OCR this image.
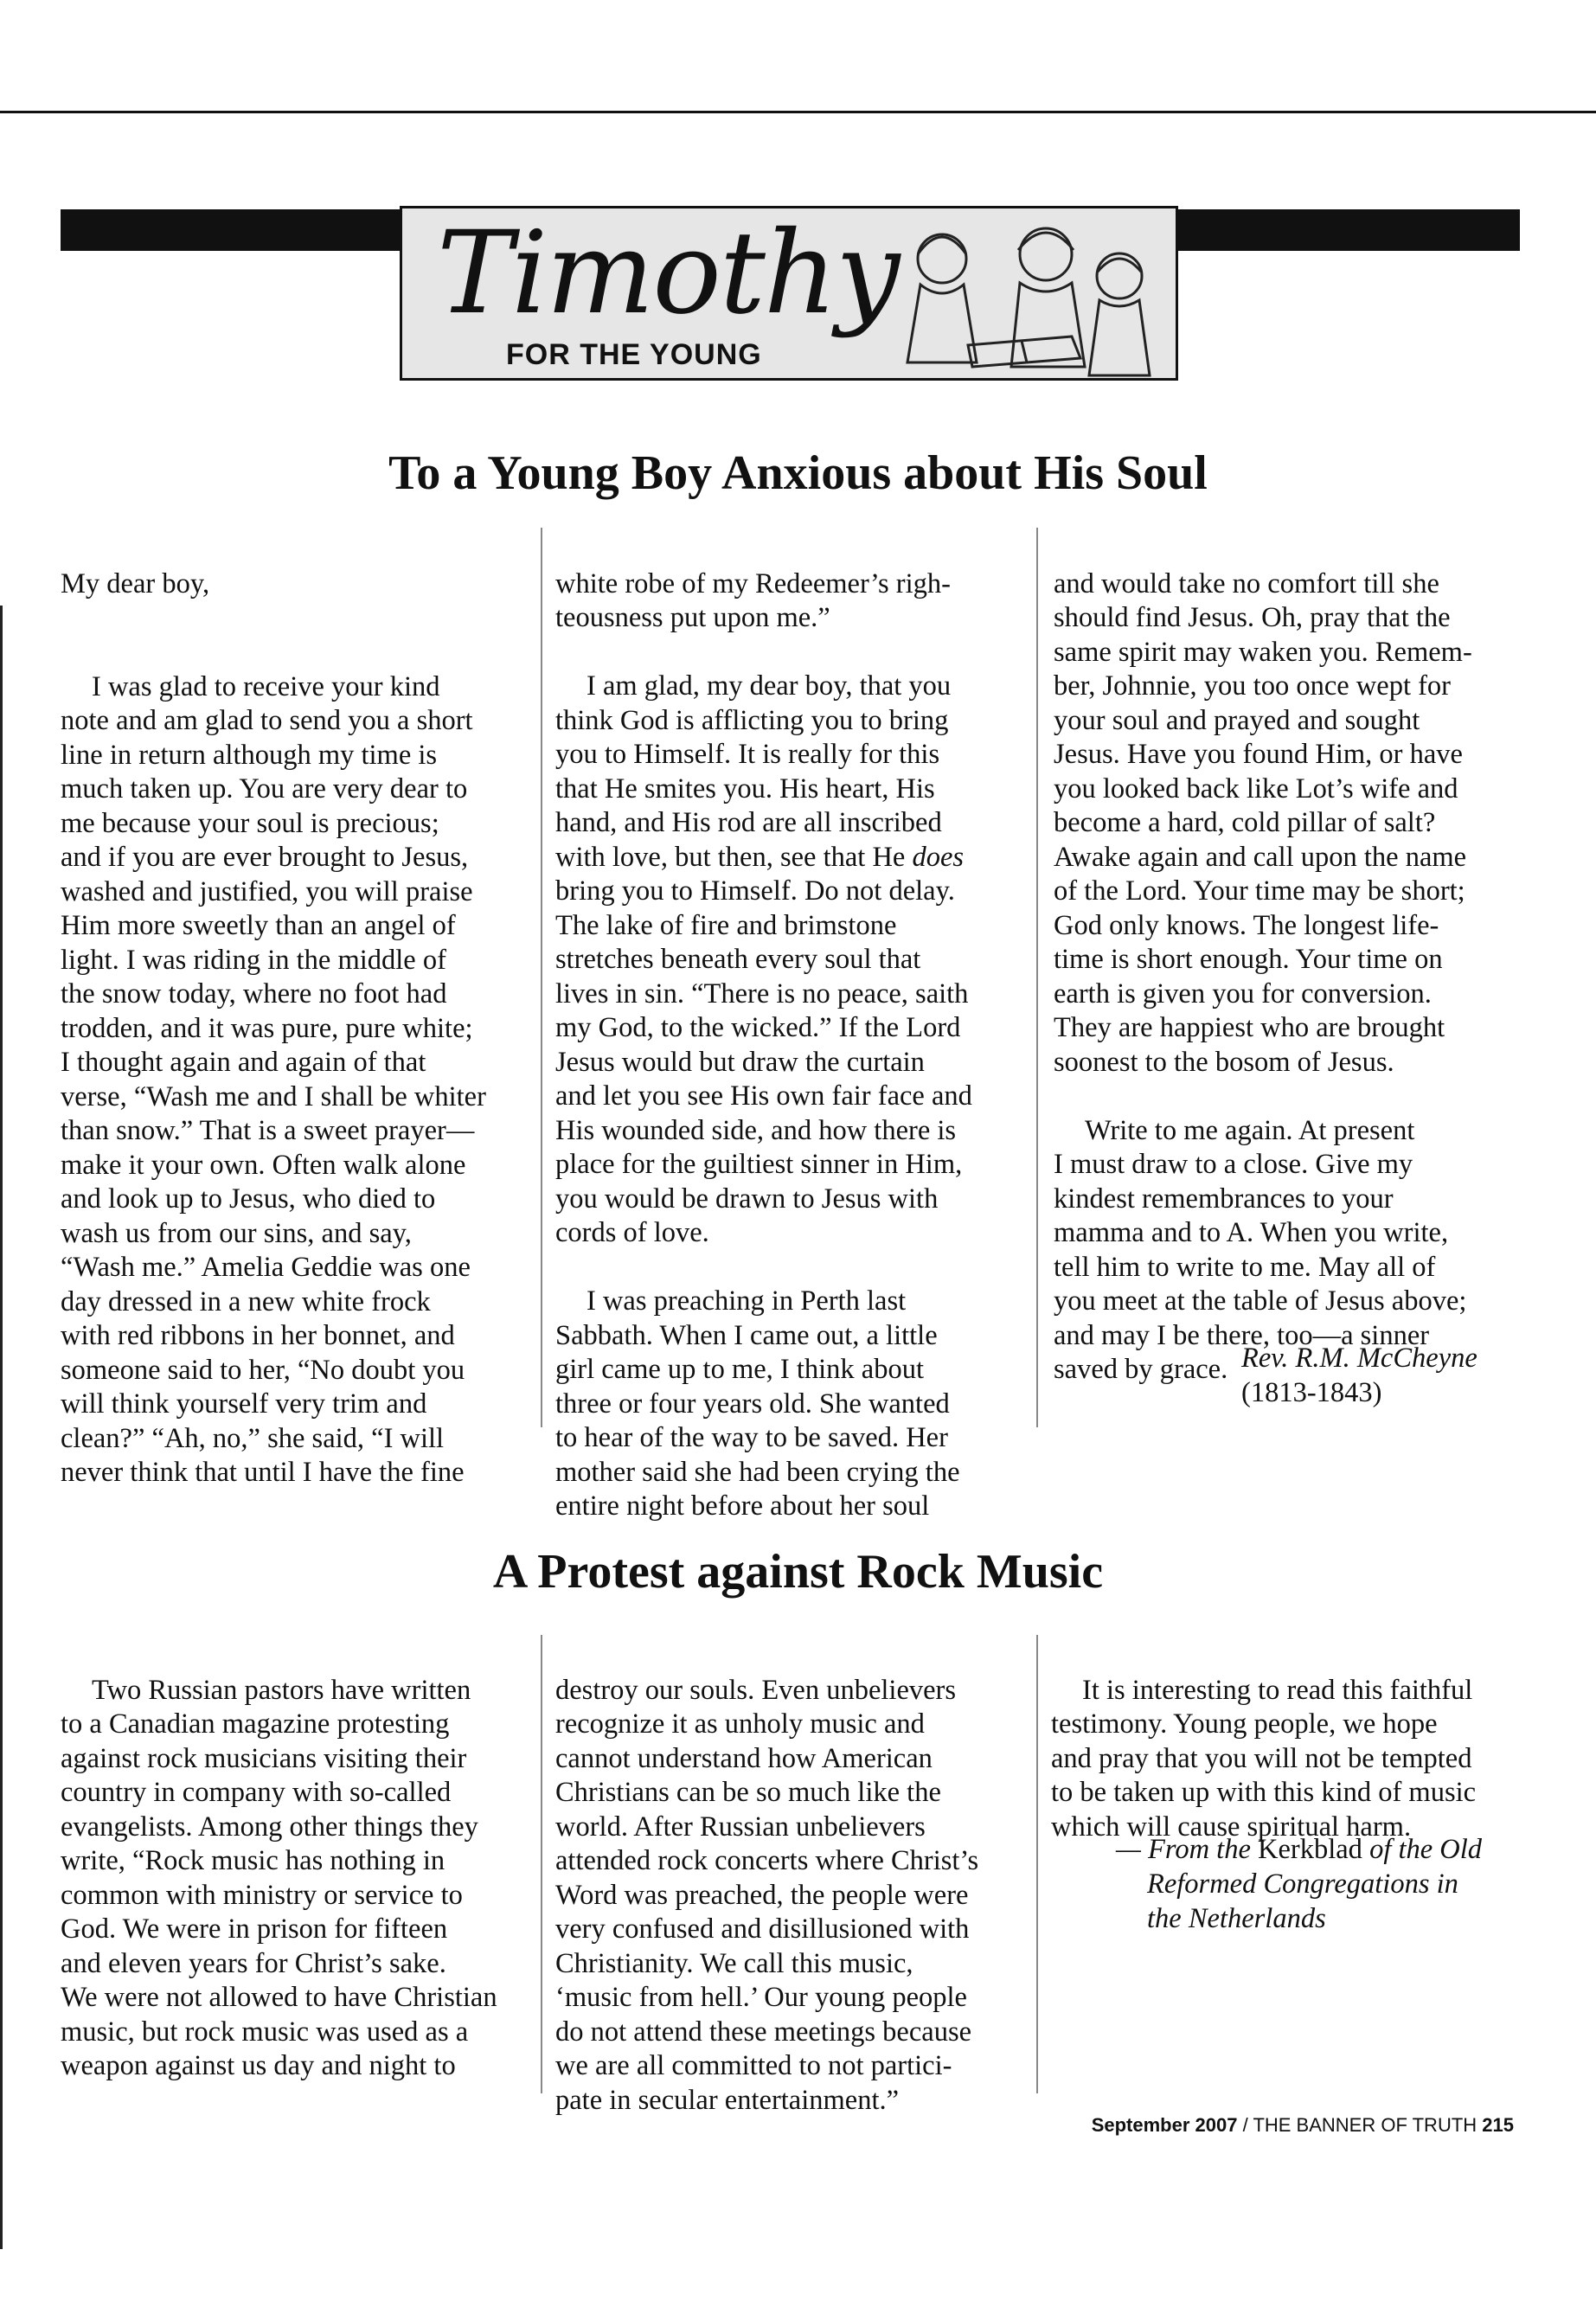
Timothy
FOR THE YOUNG
To a Young Boy Anxious about His Soul

My dear boy,

I was glad to receive your kind
note and am glad to send you a short
line in return although my time is
much taken up. You are very dear to
me because your soul is precious;
and if you are ever brought to Jesus,
washed and justified, you will praise
Him more sweetly than an angel of
light. I was riding in the middle of
the snow today, where no foot had
trodden, and it was pure, pure white;
I thought again and again of that
verse, “Wash me and I shall be whiter
than snow.” That is a sweet prayer—
make it your own. Often walk alone
and look up to Jesus, who died to
wash us from our sins, and say,
“Wash me.” Amelia Geddie was one
day dressed in a new white frock
with red ribbons in her bonnet, and
someone said to her, “No doubt you
will think yourself very trim and
clean?” “Ah, no,” she said, “I will
never think that until I have the fine

white robe of my Redeemer’s righ-
teousness put upon me.”

I am glad, my dear boy, that you
think God is afflicting you to bring
you to Himself. It is really for this
that He smites you. His heart, His
hand, and His rod are all inscribed
with love, but then, see that He does
bring you to Himself. Do not delay.
The lake of fire and brimstone
stretches beneath every soul that
lives in sin. “There is no peace, saith
my God, to the wicked.” If the Lord
Jesus would but draw the curtain
and let you see His own fair face and
His wounded side, and how there is
place for the guiltiest sinner in Him,
you would be drawn to Jesus with
cords of love.

I was preaching in Perth last
Sabbath. When I came out, a little
girl came up to me, I think about
three or four years old. She wanted
to hear of the way to be saved. Her
mother said she had been crying the
entire night before about her soul

and would take no comfort till she
should find Jesus. Oh, pray that the
same spirit may waken you. Remem-
ber, Johnnie, you too once wept for
your soul and prayed and sought
Jesus. Have you found Him, or have
you looked back like Lot’s wife and
become a hard, cold pillar of salt?
Awake again and call upon the name
of the Lord. Your time may be short;
God only knows. The longest life-
time is short enough. Your time on
earth is given you for conversion.
They are happiest who are brought
soonest to the bosom of Jesus.

Write to me again. At present
I must draw to a close. Give my
kindest remembrances to your
mamma and to A. When you write,
tell him to write to me. May all of
you meet at the table of Jesus above;
and may I be there, too—a sinner
saved by grace. Rev. R.M. McCheyne
(1813-1843)
A Protest against Rock Music

Two Russian pastors have written
to a Canadian magazine protesting
against rock musicians visiting their
country in company with so-called
evangelists. Among other things they
write, “Rock music has nothing in
common with ministry or service to
God. We were in prison for fifteen
and eleven years for Christ’s sake.
We were not allowed to have Christian
music, but rock music was used as a
weapon against us day and night to

destroy our souls. Even unbelievers
recognize it as unholy music and
cannot understand how American
Christians can be so much like the
world. After Russian unbelievers
attended rock concerts where Christ’s
Word was preached, the people were
very confused and disillusioned with
Christianity. We call this music,
‘music from hell.’ Our young people
do not attend these meetings because
we are all committed to not partici-
pate in secular entertainment.”

It is interesting to read this faithful
testimony. Young people, we hope
and pray that you will not be tempted
to be taken up with this kind of music
which will cause spiritual harm.

— From the Kerkblad of the Old
Reformed Congregations in
the Netherlands
September 2007 / THE BANNER OF TRUTH 215
